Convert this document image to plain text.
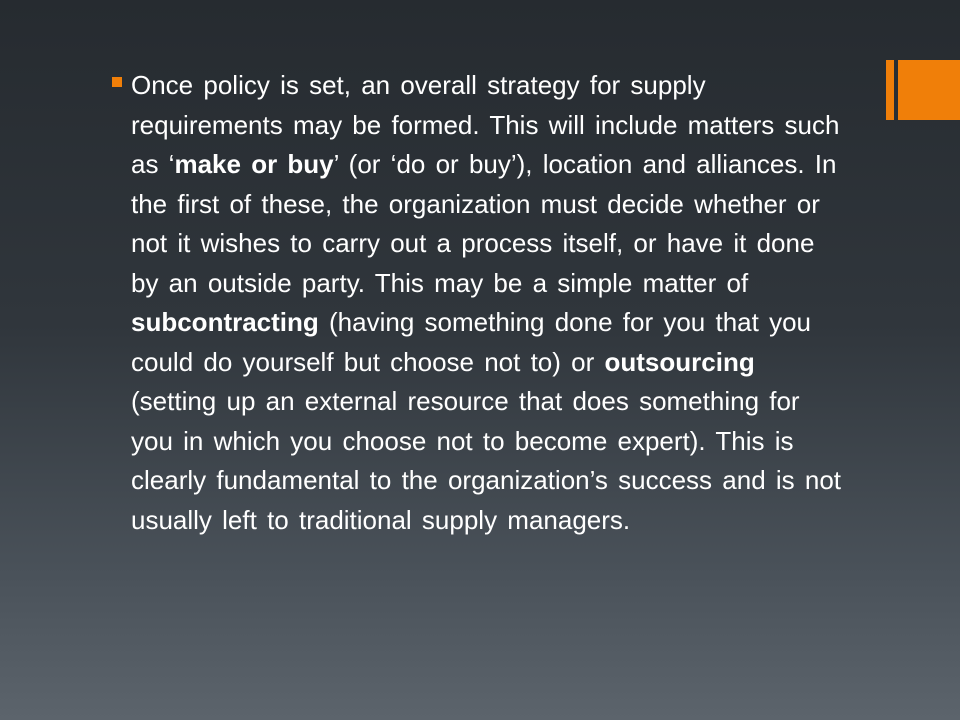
Once policy is set, an overall strategy for supply requirements may be formed. This will include matters such as ‘make or buy’ (or ‘do or buy’), location and alliances. In the first of these, the organization must decide whether or not it wishes to carry out a process itself, or have it done by an outside party. This may be a simple matter of subcontracting (having something done for you that you could do yourself but choose not to) or outsourcing (setting up an external resource that does something for you in which you choose not to become expert). This is clearly fundamental to the organization’s success and is not usually left to traditional supply managers.
